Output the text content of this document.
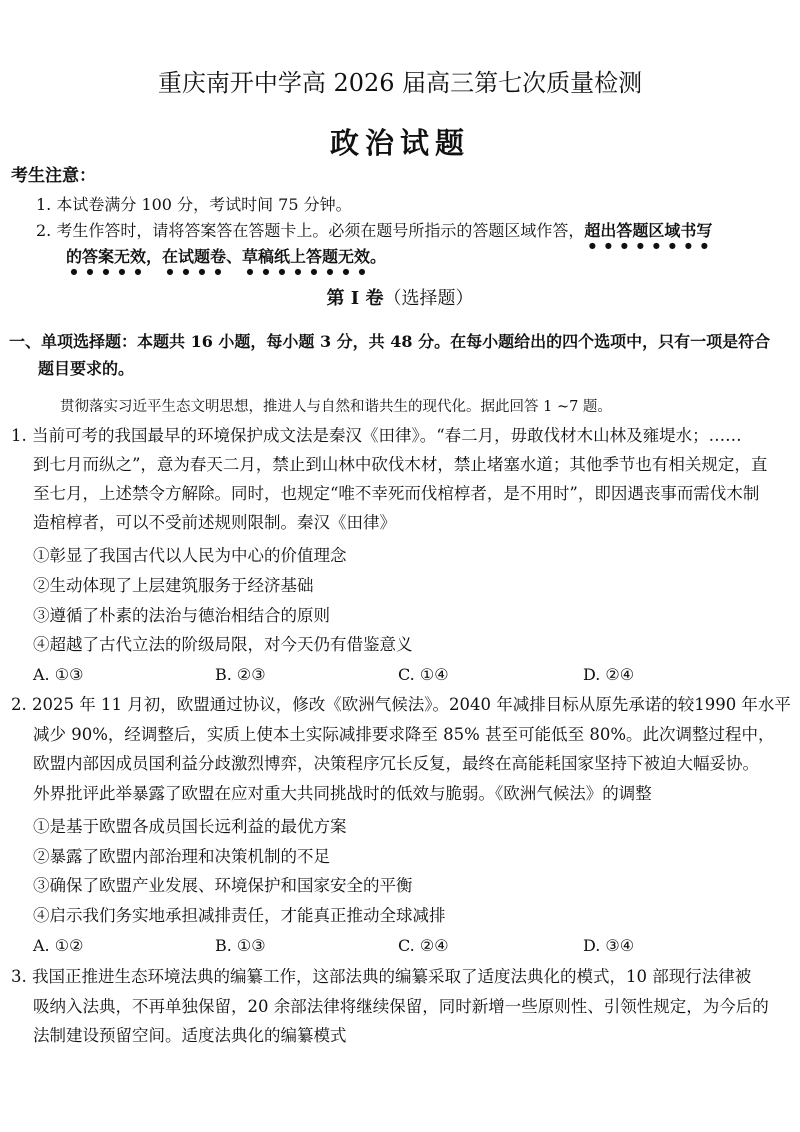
重庆南开中学高 2026 届高三第七次质量检测
政治试题
考生注意：
1. 本试卷满分 100 分，考试时间 75 分钟。
2. 考生作答时，请将答案答在答题卡上。必须在题号所指示的答题区域作答，超出答题区域书写
的答案无效，在试题卷、草稿纸上答题无效。
第 Ⅰ 卷（选择题）
一、单项选择题：本题共 16 小题，每小题 3 分，共 48 分。在每小题给出的四个选项中，只有一项是符合
题目要求的。
贯彻落实习近平生态文明思想，推进人与自然和谐共生的现代化。据此回答 1 ~7 题。
1. 当前可考的我国最早的环境保护成文法是秦汉《田律》。“春二月，毋敢伐材木山林及雍堤水；……
到七月而纵之”，意为春天二月，禁止到山林中砍伐木材，禁止堵塞水道；其他季节也有相关规定，直
至七月，上述禁令方解除。同时，也规定“唯不幸死而伐棺椁者，是不用时”，即因遇丧事而需伐木制
造棺椁者，可以不受前述规则限制。秦汉《田律》
①彰显了我国古代以人民为中心的价值理念
②生动体现了上层建筑服务于经济基础
③遵循了朴素的法治与德治相结合的原则
④超越了古代立法的阶级局限，对今天仍有借鉴意义
A. ①③	B. ②③	C. ①④	D. ②④
2. 2025 年 11 月初，欧盟通过协议，修改《欧洲气候法》。2040 年减排目标从原先承诺的较1990 年水平
减少 90%，经调整后，实质上使本土实际减排要求降至 85% 甚至可能低至 80%。此次调整过程中，
欧盟内部因成员国利益分歧激烈博弈，决策程序冗长反复，最终在高能耗国家坚持下被迫大幅妥协。
外界批评此举暴露了欧盟在应对重大共同挑战时的低效与脆弱。《欧洲气候法》的调整
①是基于欧盟各成员国长远利益的最优方案
②暴露了欧盟内部治理和决策机制的不足
③确保了欧盟产业发展、环境保护和国家安全的平衡
④启示我们务实地承担减排责任，才能真正推动全球减排
A. ①②	B. ①③	C. ②④	D. ③④
3. 我国正推进生态环境法典的编纂工作，这部法典的编纂采取了适度法典化的模式，10 部现行法律被
吸纳入法典，不再单独保留，20 余部法律将继续保留，同时新增一些原则性、引领性规定，为今后的
法制建设预留空间。适度法典化的编纂模式
